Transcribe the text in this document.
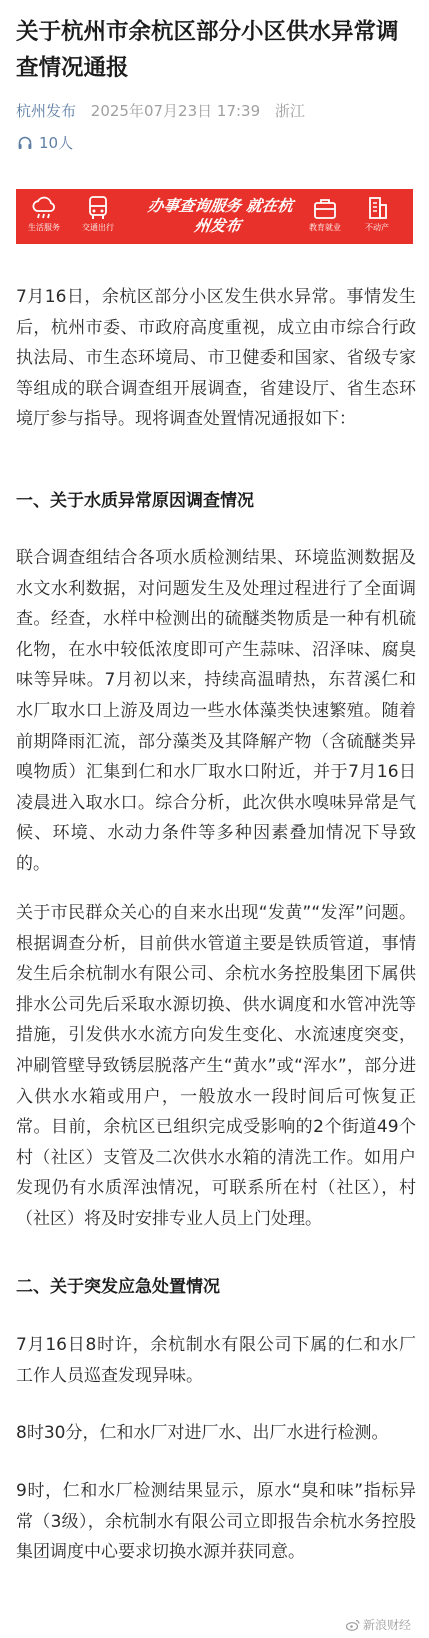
关于杭州市余杭区部分小区供水异常调查情况通报
杭州发布 2025年07月23日 17:39 浙江
10人
生活服务	交通出行
办事查询服务 就在杭州发布	教育就业	不动产

7月16日，余杭区部分小区发生供水异常。事情发生后，杭州市委、市政府高度重视，成立由市综合行政执法局、市生态环境局、市卫健委和国家、省级专家等组成的联合调查组开展调查，省建设厅、省生态环境厅参与指导。现将调查处置情况通报如下：

一、关于水质异常原因调查情况

联合调查组结合各项水质检测结果、环境监测数据及水文水利数据，对问题发生及处理过程进行了全面调查。经查，水样中检测出的硫醚类物质是一种有机硫化物，在水中较低浓度即可产生蒜味、沼泽味、腐臭味等异味。7月初以来，持续高温晴热，东苕溪仁和水厂取水口上游及周边一些水体藻类快速繁殖。随着前期降雨汇流，部分藻类及其降解产物（含硫醚类异嗅物质）汇集到仁和水厂取水口附近，并于7月16日凌晨进入取水口。综合分析，此次供水嗅味异常是气候、环境、水动力条件等多种因素叠加情况下导致的。

关于市民群众关心的自来水出现“发黄”“发浑”问题。根据调查分析，目前供水管道主要是铁质管道，事情发生后余杭制水有限公司、余杭水务控股集团下属供排水公司先后采取水源切换、供水调度和水管冲洗等措施，引发供水水流方向发生变化、水流速度突变，冲刷管壁导致锈层脱落产生“黄水”或“浑水”，部分进入供水水箱或用户，一般放水一段时间后可恢复正常。目前，余杭区已组织完成受影响的2个街道49个村（社区）支管及二次供水水箱的清洗工作。如用户发现仍有水质浑浊情况，可联系所在村（社区），村（社区）将及时安排专业人员上门处理。

二、关于突发应急处置情况

7月16日8时许，余杭制水有限公司下属的仁和水厂工作人员巡查发现异味。

8时30分，仁和水厂对进厂水、出厂水进行检测。

9时，仁和水厂检测结果显示，原水“臭和味”指标异常（3级），余杭制水有限公司立即报告余杭水务控股集团调度中心要求切换水源并获同意。

新浪财经
